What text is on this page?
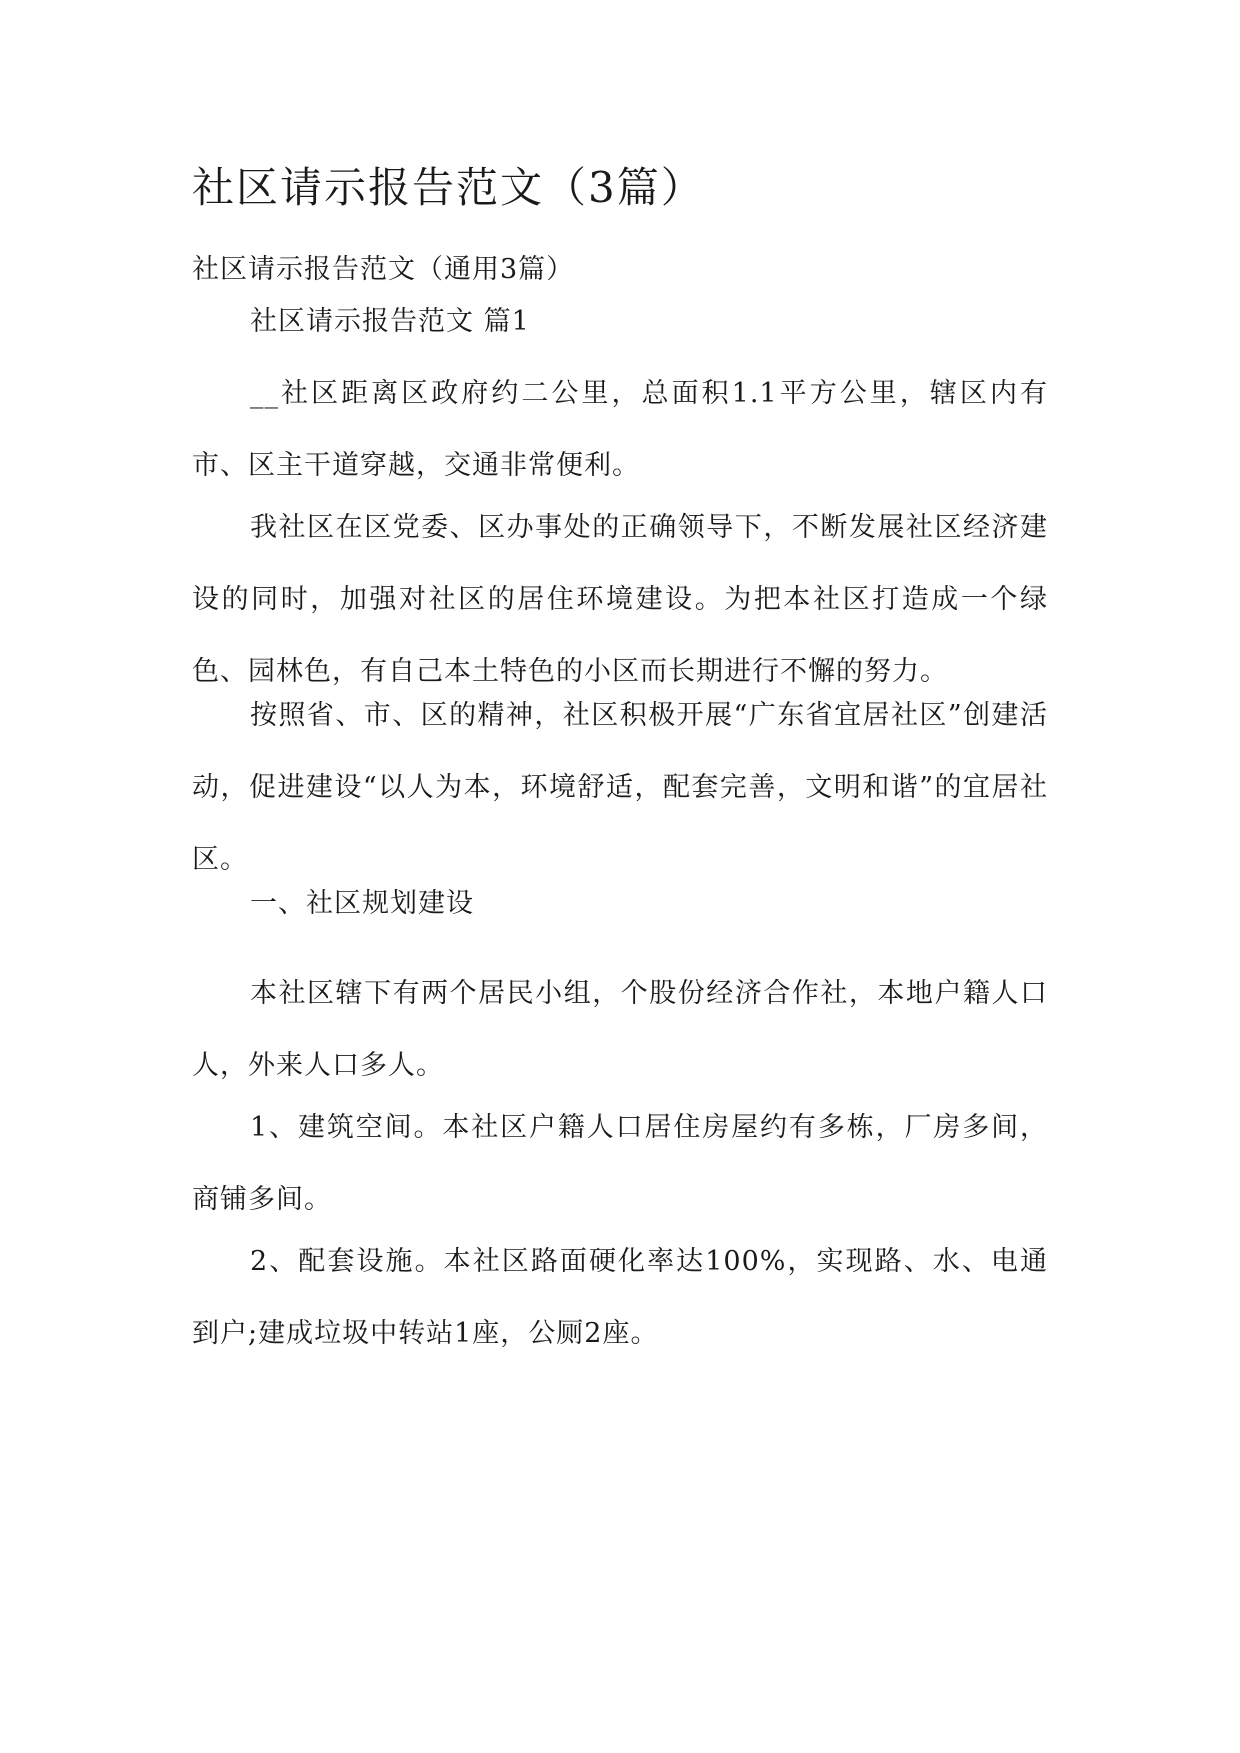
社区请示报告范文（3篇）
社区请示报告范文（通用3篇）
社区请示报告范文 篇1
__社区距离区政府约二公里，总面积1.1平方公里，辖区内有市、区主干道穿越，交通非常便利。
我社区在区党委、区办事处的正确领导下，不断发展社区经济建设的同时，加强对社区的居住环境建设。为把本社区打造成一个绿色、园林色，有自己本土特色的小区而长期进行不懈的努力。
按照省、市、区的精神，社区积极开展“广东省宜居社区”创建活动，促进建设“以人为本，环境舒适，配套完善，文明和谐”的宜居社区。
一、社区规划建设
本社区辖下有两个居民小组，个股份经济合作社，本地户籍人口人，外来人口多人。
1、建筑空间。本社区户籍人口居住房屋约有多栋，厂房多间，商铺多间。
2、配套设施。本社区路面硬化率达100%，实现路、水、电通到户;建成垃圾中转站1座，公厕2座。
